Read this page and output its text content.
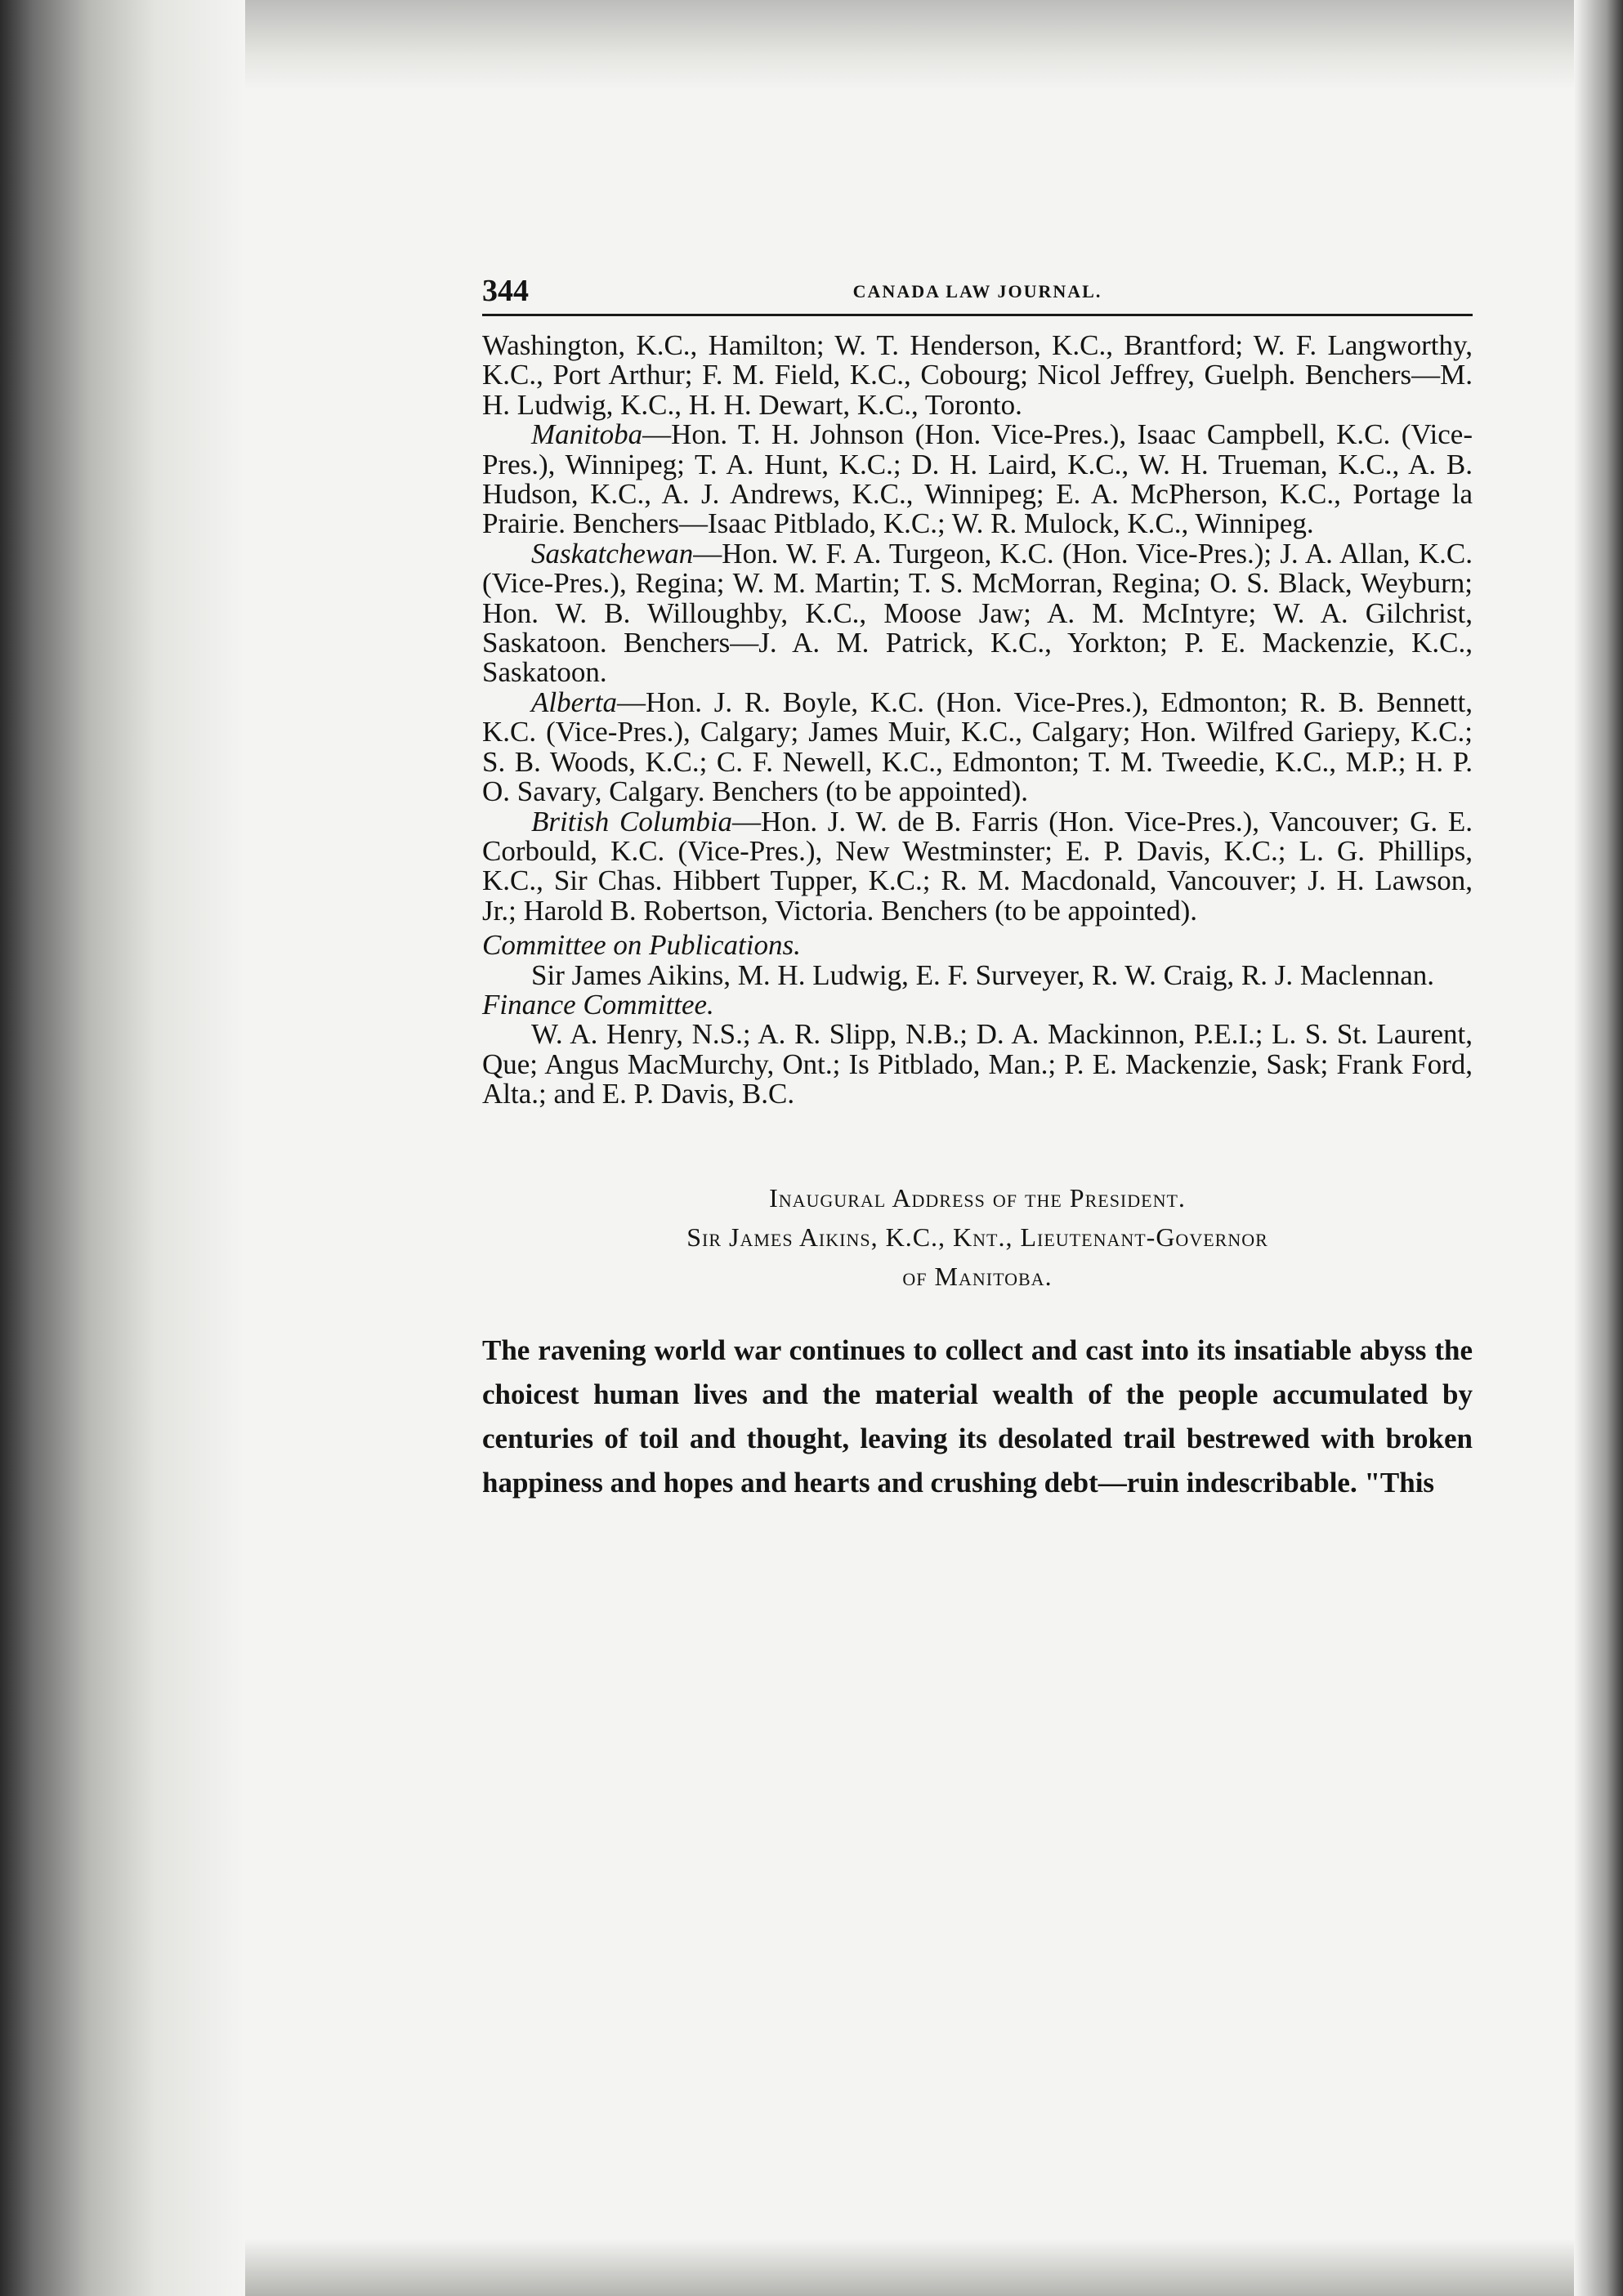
344	CANADA LAW JOURNAL.

Washington, K.C., Hamilton; W. T. Henderson, K.C., Brantford; W. F. Langworthy, K.C., Port Arthur; F. M. Field, K.C., Cobourg; Nicol Jeffrey, Guelph. Benchers—M. H. Ludwig, K.C., H. H. Dewart, K.C., Toronto.

Manitoba—Hon. T. H. Johnson (Hon. Vice-Pres.), Isaac Campbell, K.C. (Vice-Pres.), Winnipeg; T. A. Hunt, K.C.; D. H. Laird, K.C., W. H. Trueman, K.C., A. B. Hudson, K.C., A. J. Andrews, K.C., Winnipeg; E. A. McPherson, K.C., Portage la Prairie. Benchers—Isaac Pitblado, K.C.; W. R. Mulock, K.C., Winnipeg.

Saskatchewan—Hon. W. F. A. Turgeon, K.C. (Hon. Vice-Pres.); J. A. Allan, K.C. (Vice-Pres.), Regina; W. M. Martin; T. S. McMorran, Regina; O. S. Black, Weyburn; Hon. W. B. Willoughby, K.C., Moose Jaw; A. M. McIntyre; W. A. Gilchrist, Saskatoon. Benchers—J. A. M. Patrick, K.C., Yorkton; P. E. Mackenzie, K.C., Saskatoon.

Alberta—Hon. J. R. Boyle, K.C. (Hon. Vice-Pres.), Edmonton; R. B. Bennett, K.C. (Vice-Pres.), Calgary; James Muir, K.C., Calgary; Hon. Wilfred Gariepy, K.C.; S. B. Woods, K.C.; C. F. Newell, K.C., Edmonton; T. M. Tweedie, K.C., M.P.; H. P. O. Savary, Calgary. Benchers (to be appointed).

British Columbia—Hon. J. W. de B. Farris (Hon. Vice-Pres.), Vancouver; G. E. Corbould, K.C. (Vice-Pres.), New Westminster; E. P. Davis, K.C.; L. G. Phillips, K.C., Sir Chas. Hibbert Tupper, K.C.; R. M. Macdonald, Vancouver; J. H. Lawson, Jr.; Harold B. Robertson, Victoria. Benchers (to be appointed).

Committee on Publications.

Sir James Aikins, M. H. Ludwig, E. F. Surveyer, R. W. Craig, R. J. Maclennan.

Finance Committee.

W. A. Henry, N.S.; A. R. Slipp, N.B.; D. A. Mackinnon, P.E.I.; L. S. St. Laurent, Que; Angus MacMurchy, Ont.; Is Pitblado, Man.; P. E. Mackenzie, Sask; Frank Ford, Alta.; and E. P. Davis, B.C.

Inaugural Address of the President.
Sir James Aikins, K.C., Knt., Lieutenant-Governor
of Manitoba.

The ravening world war continues to collect and cast into its insatiable abyss the choicest human lives and the material wealth of the people accumulated by centuries of toil and thought, leaving its desolated trail bestrewed with broken happiness and hopes and hearts and crushing debt—ruin indescribable. "This
